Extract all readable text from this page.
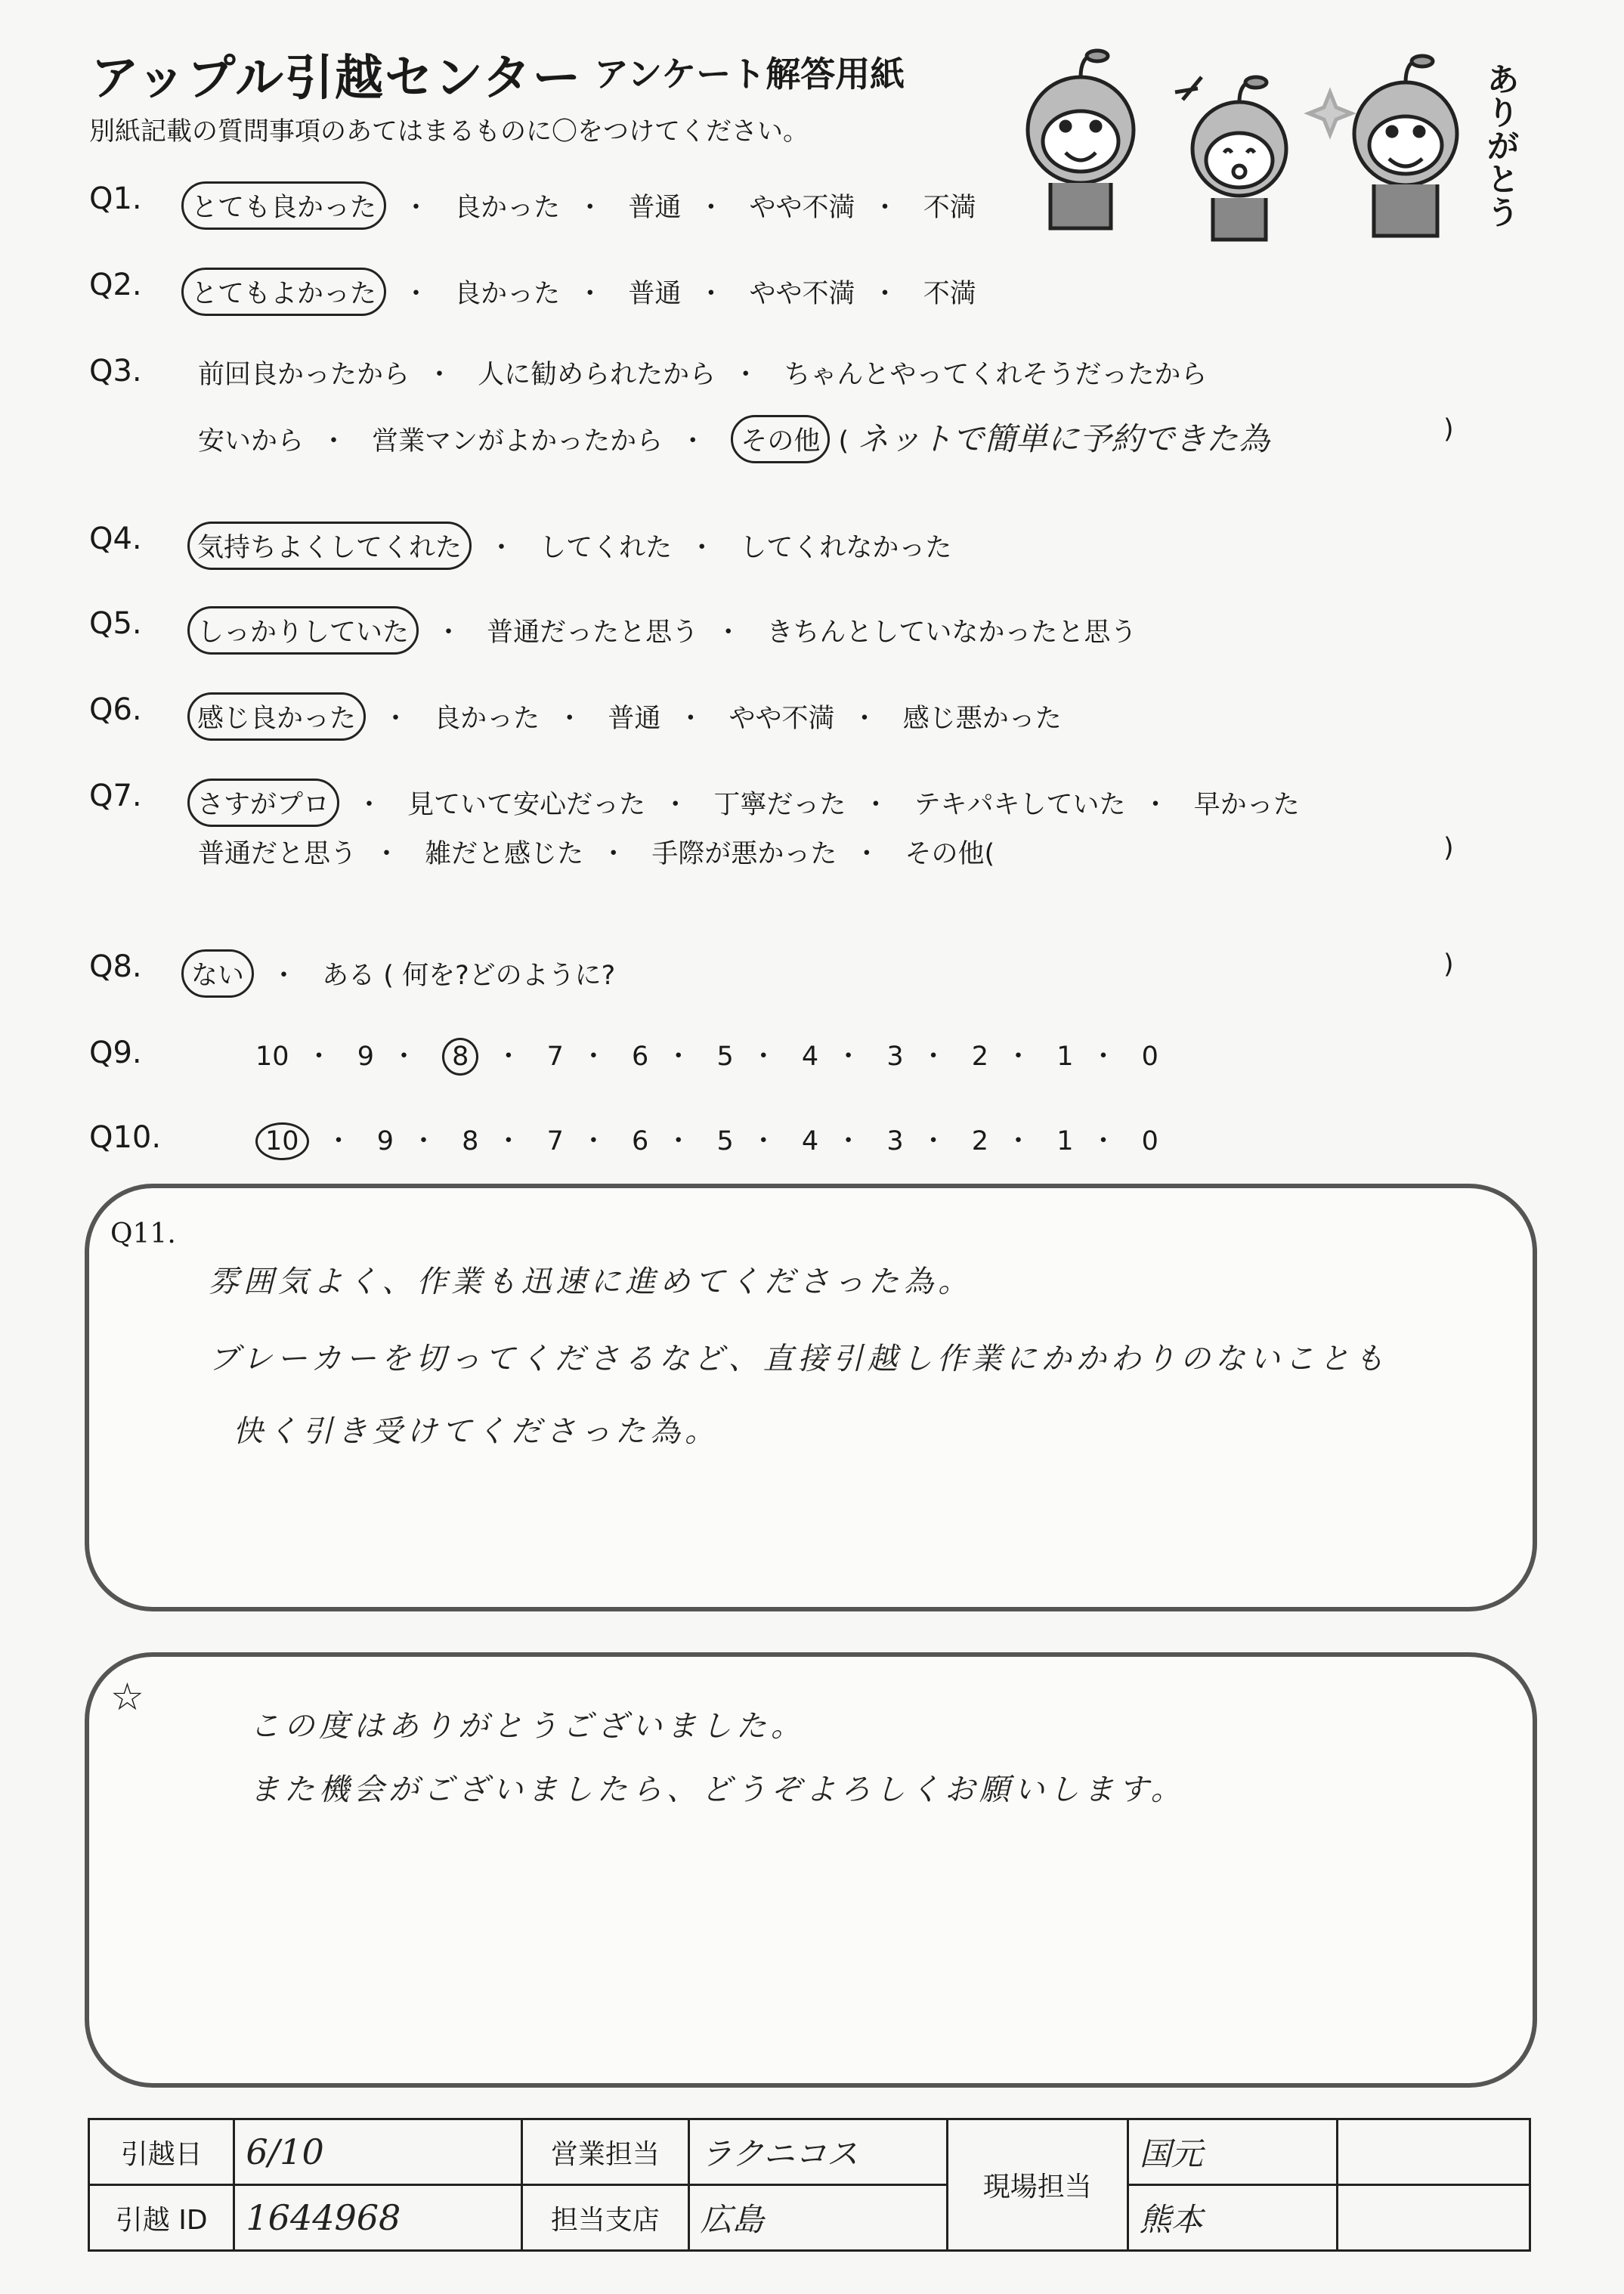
アップル引越センター アンケート解答用紙
別紙記載の質問事項のあてはまるものに〇をつけてください。
ありがとう
Q1.	とても良かった ・ 良かった ・ 普通 ・ やや不満 ・ 不満
Q2.	とてもよかった ・ 良かった ・ 普通 ・ やや不満 ・ 不満
Q3. 前回良かったから ・ 人に勧められたから ・ ちゃんとやってくれそうだったから
安いから ・ 営業マンがよかったから ・ その他 ( ネットで簡単に予約できた為	)
Q4.	気持ちよくしてくれた ・ してくれた ・ してくれなかった
Q5.	しっかりしていた ・ 普通だったと思う ・ きちんとしていなかったと思う
Q6.	感じ良かった ・ 良かった ・ 普通 ・ やや不満 ・ 感じ悪かった
Q7.	さすがプロ ・ 見ていて安心だった ・ 丁寧だった ・ テキパキしていた ・ 早かった
普通だと思う ・ 雑だと感じた ・ 手際が悪かった ・ その他(	)
Q8.	ない ・ ある ( 何を?どのように?	)
Q9.	10 ・ 9 ・ 8 ・ 7 ・ 6 ・ 5 ・ 4 ・ 3 ・ 2 ・ 1 ・ 0
Q10.	10 ・ 9 ・ 8 ・ 7 ・ 6 ・ 5 ・ 4 ・ 3 ・ 2 ・ 1 ・ 0
Q11.
雰囲気よく、作業も迅速に進めてくださった為。
ブレーカーを切ってくださるなど、直接引越し作業にかかわりのないことも
快く引き受けてくださった為。
☆
この度はありがとうございました。
また機会がございましたら、どうぞよろしくお願いします。
引越日	6/10	営業担当	ラクニコス	現場担当	国元	
引越 ID	1644968	担当支店	広島		熊本	
